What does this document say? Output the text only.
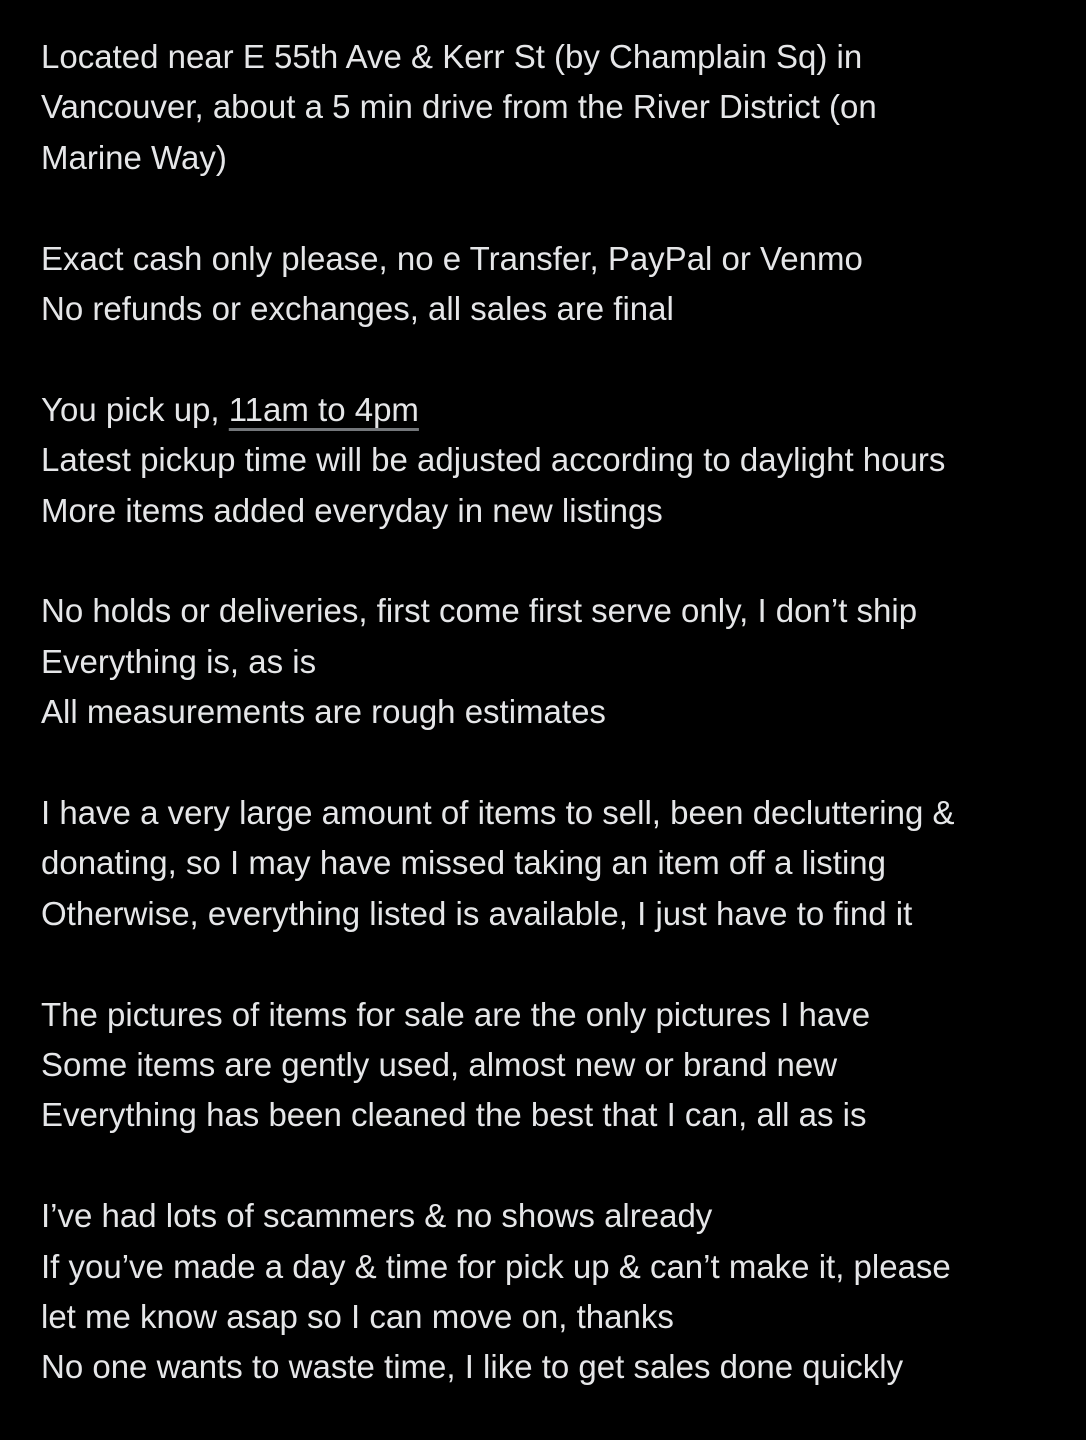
Located near E 55th Ave & Kerr St (by Champlain Sq) in
Vancouver, about a 5 min drive from the River District (on
Marine Way)
Exact cash only please, no e Transfer, PayPal or Venmo
No refunds or exchanges, all sales are final
You pick up, 11am to 4pm
Latest pickup time will be adjusted according to daylight hours
More items added everyday in new listings
No holds or deliveries, first come first serve only, I don’t ship
Everything is, as is
All measurements are rough estimates
I have a very large amount of items to sell, been decluttering &
donating, so I may have missed taking an item off a listing
Otherwise, everything listed is available, I just have to find it
The pictures of items for sale are the only pictures I have
Some items are gently used, almost new or brand new
Everything has been cleaned the best that I can, all as is
I’ve had lots of scammers & no shows already
If you’ve made a day & time for pick up & can’t make it, please
let me know asap so I can move on, thanks
No one wants to waste time, I like to get sales done quickly
